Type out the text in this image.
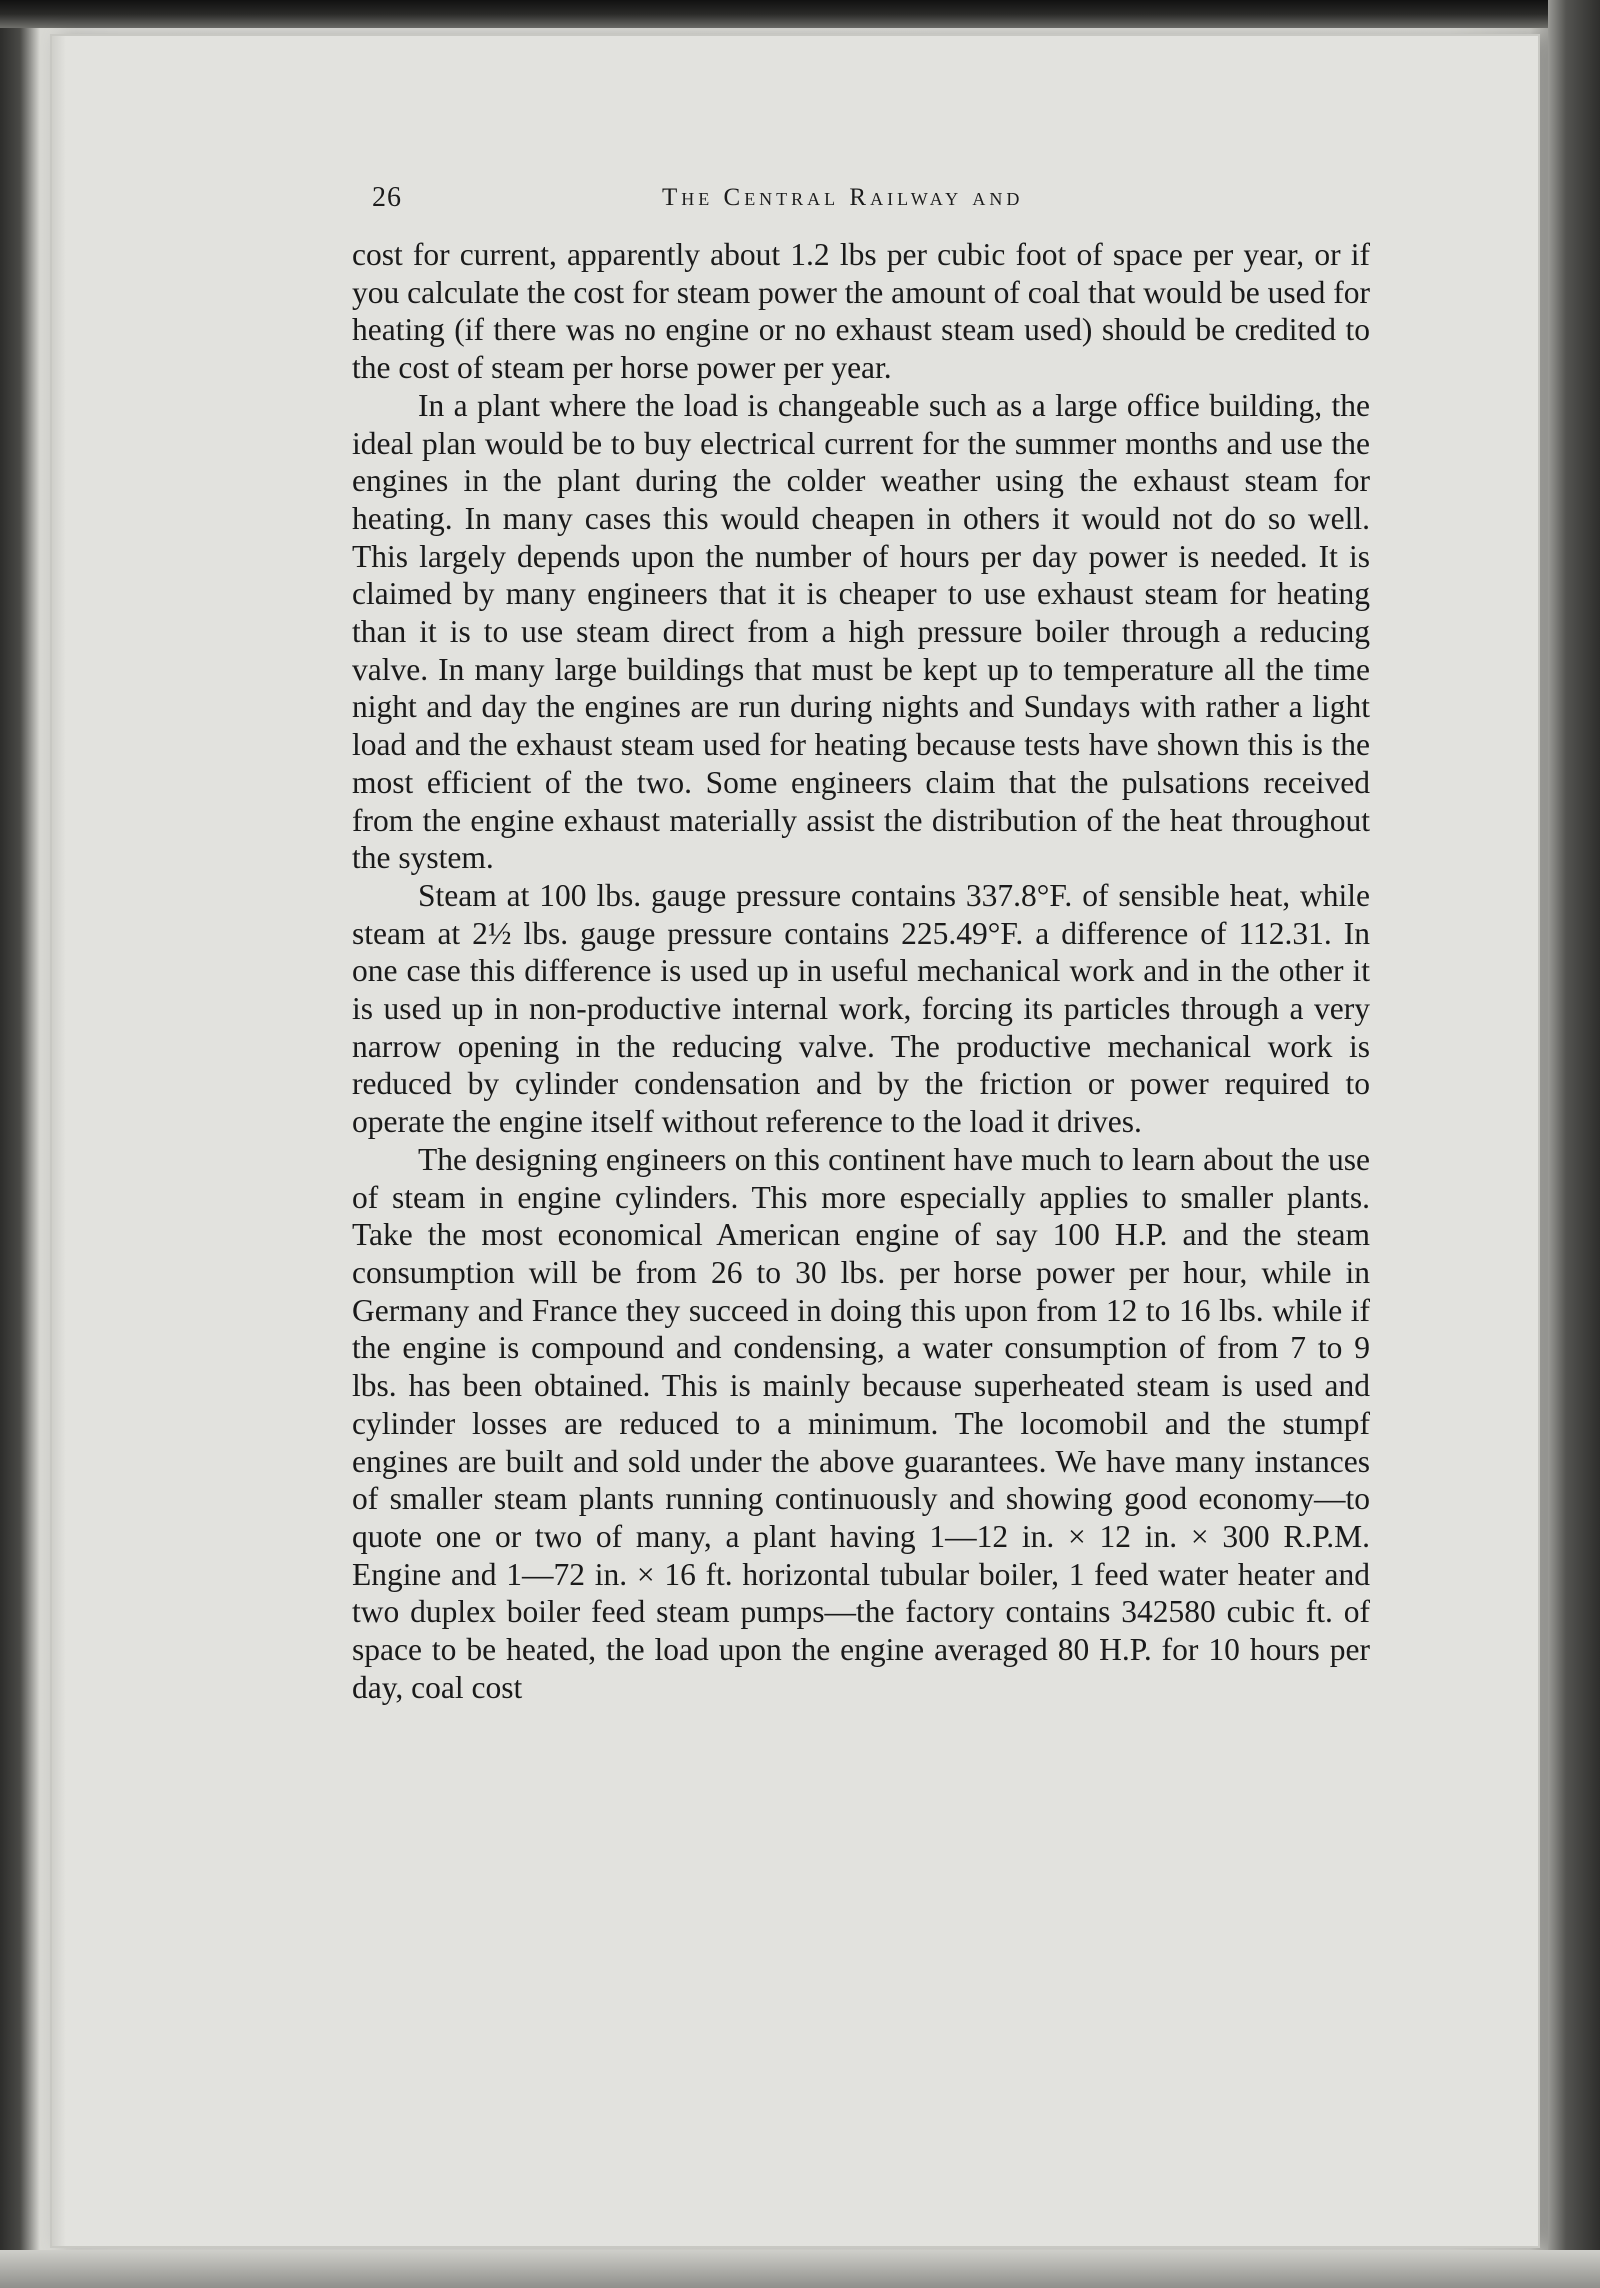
26	The Central Railway and

cost for current, apparently about 1.2 lbs per cubic foot of space per year, or if you calculate the cost for steam power the amount of coal that would be used for heating (if there was no engine or no exhaust steam used) should be credited to the cost of steam per horse power per year.

In a plant where the load is changeable such as a large office building, the ideal plan would be to buy electrical current for the summer months and use the engines in the plant during the colder weather using the exhaust steam for heating. In many cases this would cheapen in others it would not do so well. This largely depends upon the number of hours per day power is needed. It is claimed by many engineers that it is cheaper to use exhaust steam for heating than it is to use steam direct from a high pressure boiler through a reducing valve. In many large buildings that must be kept up to temperature all the time night and day the engines are run during nights and Sundays with rather a light load and the exhaust steam used for heating because tests have shown this is the most efficient of the two. Some engineers claim that the pulsations received from the engine exhaust materially assist the distribution of the heat throughout the system.

Steam at 100 lbs. gauge pressure contains 337.8°F. of sensible heat, while steam at 2½ lbs. gauge pressure contains 225.49°F. a difference of 112.31. In one case this difference is used up in useful mechanical work and in the other it is used up in non-productive internal work, forcing its particles through a very narrow opening in the reducing valve. The productive mechanical work is reduced by cylinder condensation and by the friction or power required to operate the engine itself without reference to the load it drives.

The designing engineers on this continent have much to learn about the use of steam in engine cylinders. This more especially applies to smaller plants. Take the most economical American engine of say 100 H.P. and the steam consumption will be from 26 to 30 lbs. per horse power per hour, while in Germany and France they succeed in doing this upon from 12 to 16 lbs. while if the engine is compound and condensing, a water consumption of from 7 to 9 lbs. has been obtained. This is mainly because superheated steam is used and cylinder losses are reduced to a minimum. The locomobil and the stumpf engines are built and sold under the above guarantees. We have many instances of smaller steam plants running continuously and showing good economy—to quote one or two of many, a plant having 1—12 in. × 12 in. × 300 R.P.M. Engine and 1—72 in. × 16 ft. horizontal tubular boiler, 1 feed water heater and two duplex boiler feed steam pumps—the factory contains 342580 cubic ft. of space to be heated, the load upon the engine averaged 80 H.P. for 10 hours per day, coal cost
